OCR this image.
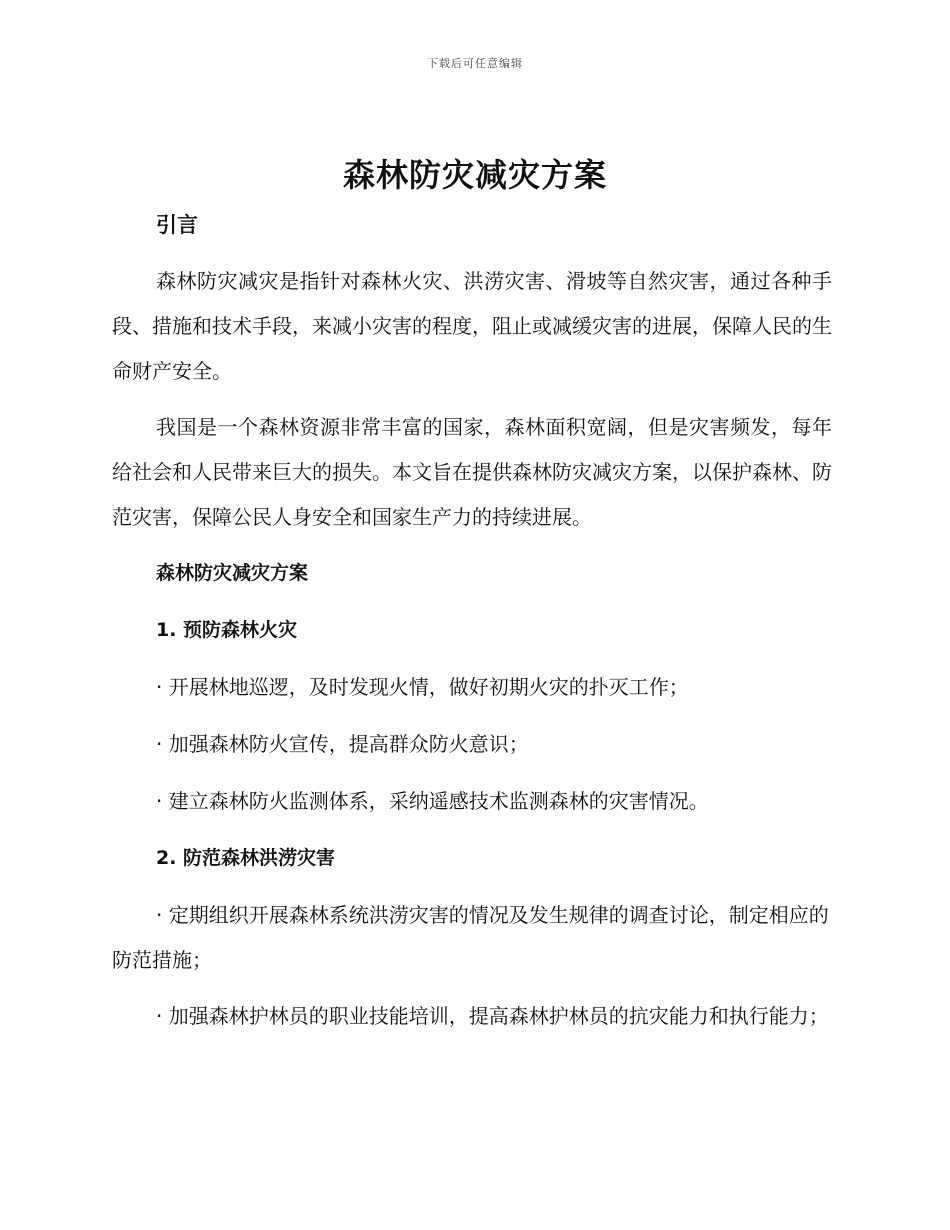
下载后可任意编辑
森林防灾减灾方案
引言

森林防灾减灾是指针对森林火灾、洪涝灾害、滑坡等自然灾害，通过各种手段、措施和技术手段，来减小灾害的程度，阻止或减缓灾害的进展，保障人民的生命财产安全。

我国是一个森林资源非常丰富的国家，森林面积宽阔，但是灾害频发，每年给社会和人民带来巨大的损失。本文旨在提供森林防灾减灾方案，以保护森林、防范灾害，保障公民人身安全和国家生产力的持续进展。

森林防灾减灾方案
1. 预防森林火灾
· 开展林地巡逻，及时发现火情，做好初期火灾的扑灭工作；
· 加强森林防火宣传，提高群众防火意识；
· 建立森林防火监测体系，采纳遥感技术监测森林的灾害情况。
2. 防范森林洪涝灾害

· 定期组织开展森林系统洪涝灾害的情况及发生规律的调查讨论，制定相应的防范措施；

· 加强森林护林员的职业技能培训，提高森林护林员的抗灾能力和执行能力；
